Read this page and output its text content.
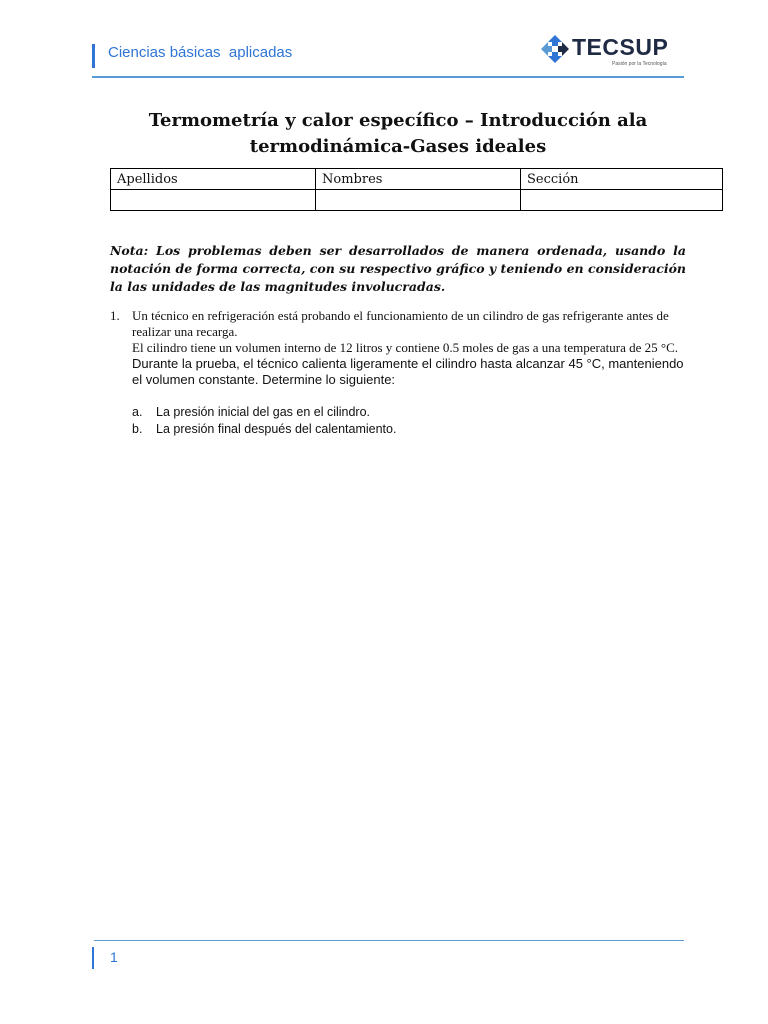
Ciencias básicas  aplicadas	TECSUP
Pasión por la Tecnología
Termometría y calor específico – Introducción ala
termodinámica-Gases ideales
Apellidos	Nombres	Sección

Nota: Los problemas deben ser desarrollados de manera ordenada, usando la notación de forma correcta, con su respectivo gráfico y teniendo en consideración la las unidades de las magnitudes involucradas.
1. Un técnico en refrigeración está probando el funcionamiento de un cilindro de gas refrigerante antes de realizar una recarga.
El cilindro tiene un volumen interno de 12 litros y contiene 0.5 moles de gas a una temperatura de 25 °C. Durante la prueba, el técnico calienta ligeramente el cilindro hasta alcanzar 45 °C, manteniendo el volumen constante. Determine lo siguiente:
a. La presión inicial del gas en el cilindro.
b. La presión final después del calentamiento.
1
